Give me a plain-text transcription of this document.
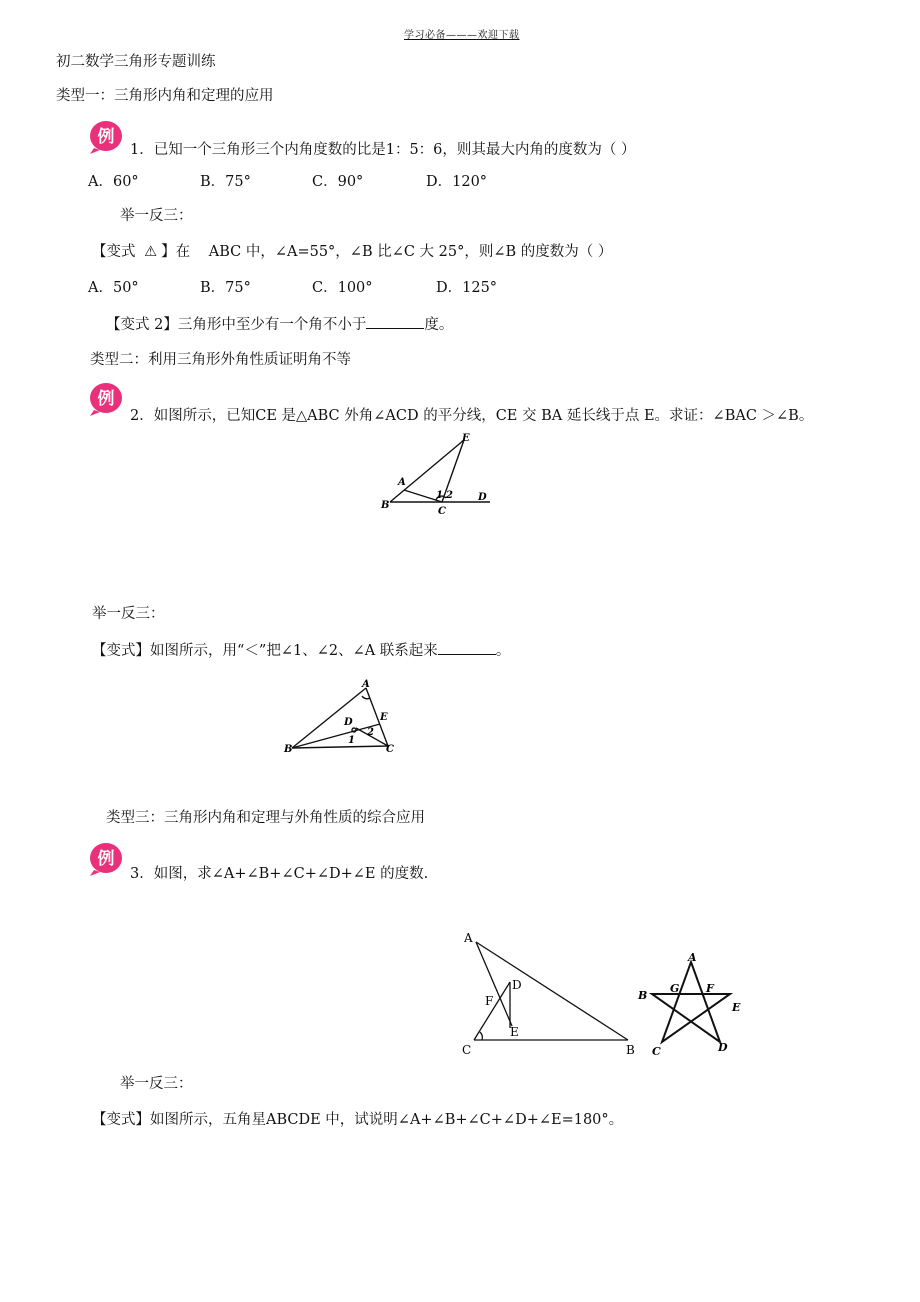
学习必备———欢迎下载
初二数学三角形专题训练
类型一：三角形内角和定理的应用
例
1．已知一个三角形三个内角度数的比是1：5：6，则其最大内角的度数为（ ）
A．60°	B．75°	C．90°	D．120°
举一反三：
【变式 ⚠ 】在 ABC 中，∠A=55°，∠B 比∠C 大 25°，则∠B 的度数为（ ）
A．50°	B．75°	C．100°	D．125°
【变式 2】三角形中至少有一个角不小于	度。
类型二：利用三角形外角性质证明角不等
例
2．如图所示，已知CE 是△ABC 外角∠ACD 的平分线，CE 交 BA 延长线于点 E。求证：∠BAC ＞∠B。
E
A
1 2	D
B
C
举一反三：
【变式】如图所示，用“＜”把∠1、∠2、∠A 联系起来	。
A
D	E
1
2
B	C
类型三：三角形内角和定理与外角性质的综合应用
例
3．如图，求∠A+∠B+∠C+∠D+∠E 的度数.
A
D
F
E
C	B
A
B
G F
E
C	D
举一反三：
【变式】如图所示，五角星ABCDE 中，试说明∠A+∠B+∠C+∠D+∠E=180°。
